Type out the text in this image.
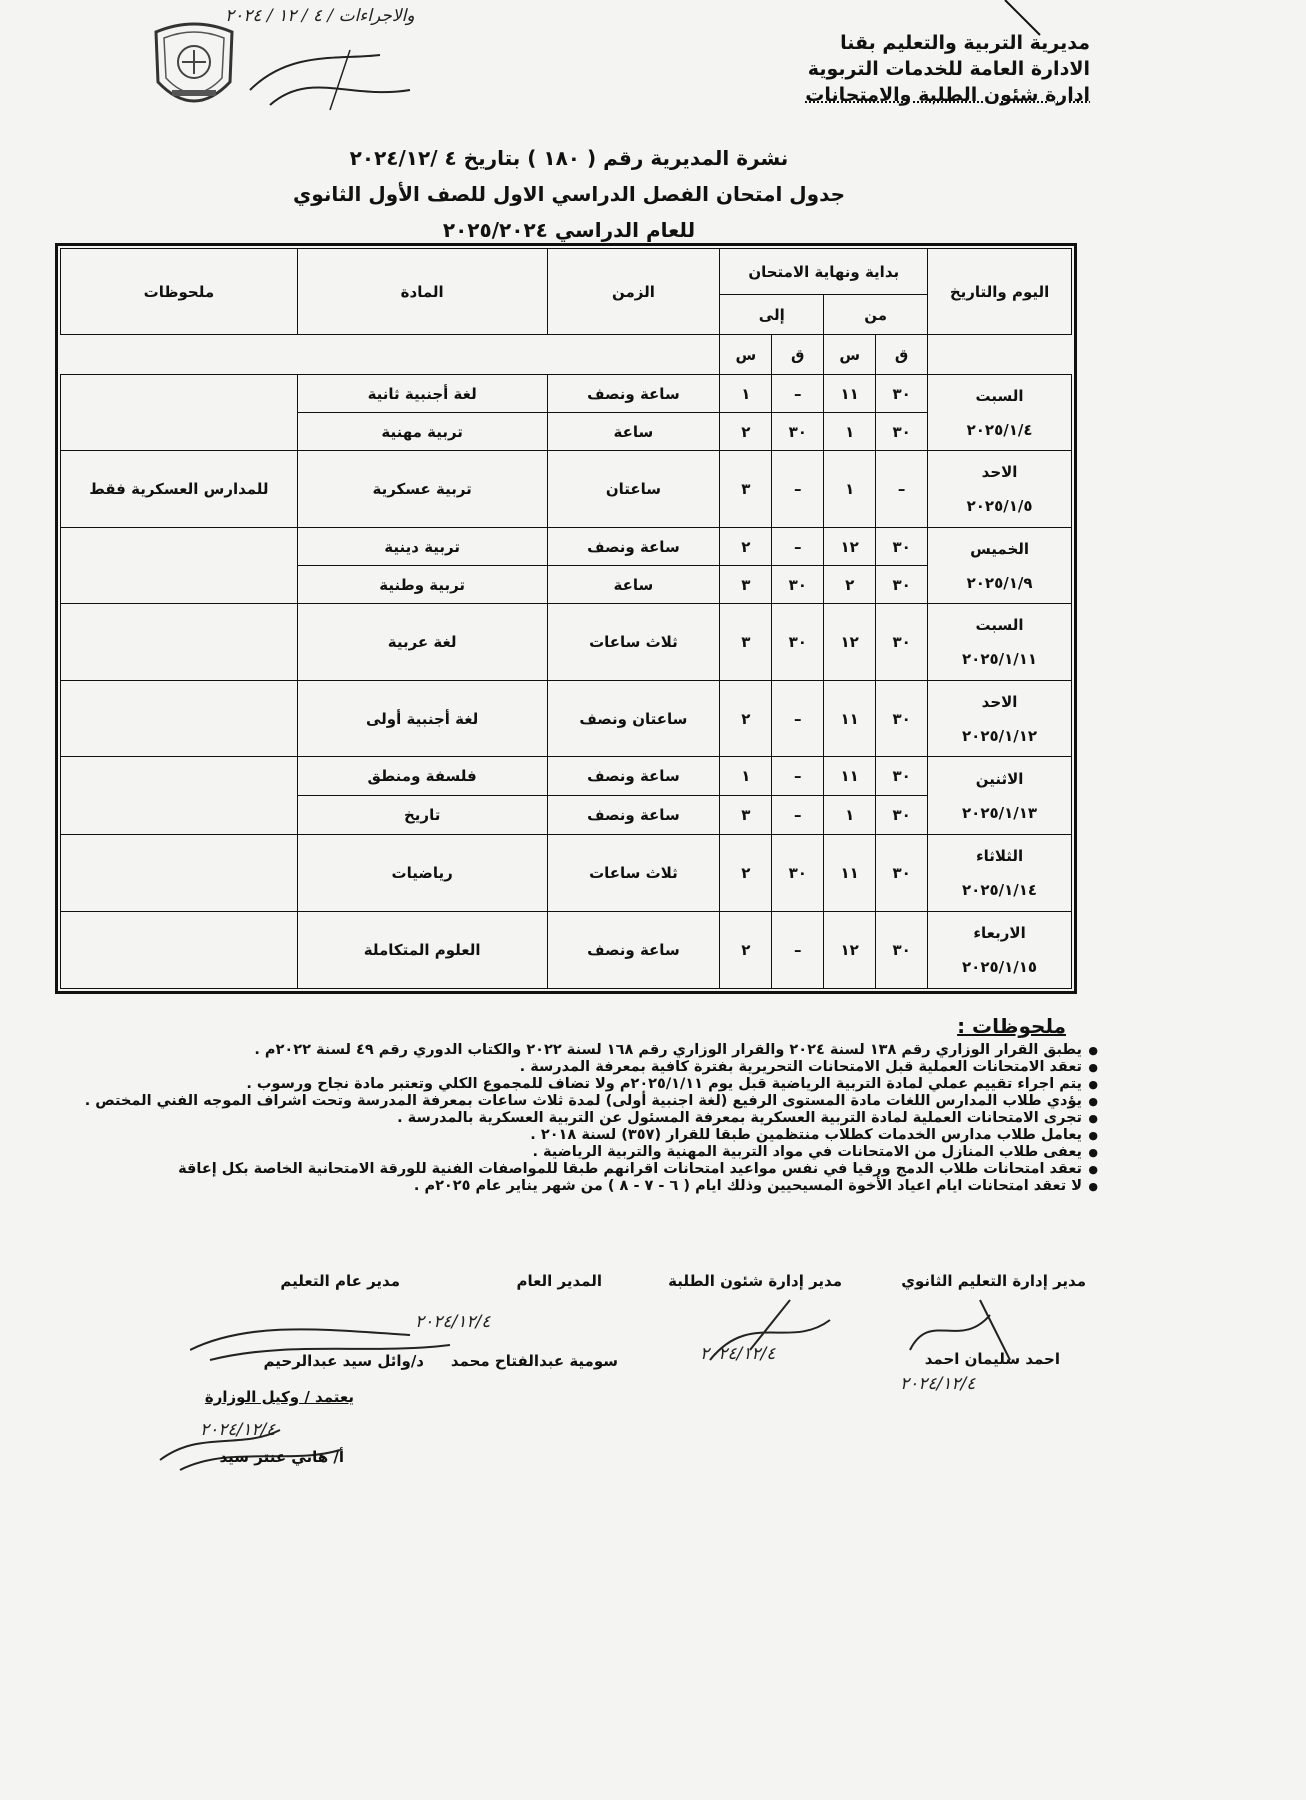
والاجراءات / ٤ / ١٢ / ٢٠٢٤
مديرية التربية والتعليم بقنا
الادارة العامة للخدمات التربوية
ادارة شئون الطلبة والامتحانات
نشرة المديرية رقم ( ١٨٠ ) بتاريخ ٤ /٢٠٢٤/١٢
جدول امتحان الفصل الدراسي الاول للصف الأول الثانوي
للعام الدراسي ٢٠٢٥/٢٠٢٤
اليوم والتاريخ	بداية ونهاية الامتحان				الزمن	المادة	ملحوظات
	من		إلى				
	ق	س	ق	س			

السبت
٢٠٢٥/١/٤	٣٠	١١	–	١	ساعة ونصف	لغة أجنبية ثانية	
	٣٠	١	٣٠	٢	ساعة	تربية مهنية	

الاحد
٢٠٢٥/١/٥	–	١	–	٣	ساعتان	تربية عسكرية	للمدارس العسكرية فقط

الخميس
٢٠٢٥/١/٩	٣٠	١٢	–	٢	ساعة ونصف	تربية دينية	
	٣٠	٢	٣٠	٣	ساعة	تربية وطنية	

السبت
٢٠٢٥/١/١١	٣٠	١٢	٣٠	٣	ثلاث ساعات	لغة عربية	

الاحد
٢٠٢٥/١/١٢	٣٠	١١	–	٢	ساعتان ونصف	لغة أجنبية أولى	

الاثنين
٢٠٢٥/١/١٣	٣٠	١١	–	١	ساعة ونصف	فلسفة ومنطق	
	٣٠	١	–	٣	ساعة ونصف	تاريخ	

الثلاثاء
٢٠٢٥/١/١٤	٣٠	١١	٣٠	٢	ثلاث ساعات	رياضيات	

الاربعاء
٢٠٢٥/١/١٥	٣٠	١٢	–	٢	ساعة ونصف	العلوم المتكاملة	
ملحوظات :
● يطبق القرار الوزاري رقم ١٣٨ لسنة ٢٠٢٤ والقرار الوزاري رقم ١٦٨ لسنة ٢٠٢٢ والكتاب الدوري رقم ٤٩ لسنة ٢٠٢٢م .
● تعقد الامتحانات العملية قبل الامتحانات التحريرية بفترة كافية بمعرفة المدرسة .
● يتم اجراء تقييم عملي لمادة التربية الرياضية قبل يوم ٢٠٢٥/١/١١م ولا تضاف للمجموع الكلي وتعتبر مادة نجاح ورسوب .
● يؤدي طلاب المدارس اللغات مادة المستوى الرفيع (لغة اجنبية أولى) لمدة ثلاث ساعات بمعرفة المدرسة وتحت اشراف الموجه الفني المختص .
● تجرى الامتحانات العملية لمادة التربية العسكرية بمعرفة المسئول عن التربية العسكرية بالمدرسة .
● يعامل طلاب مدارس الخدمات كطلاب منتظمين طبقا للقرار (٣٥٧) لسنة ٢٠١٨ .
● يعفى طلاب المنازل من الامتحانات في مواد التربية المهنية والتربية الرياضية .
● تعقد امتحانات طلاب الدمج ورقيا في نفس مواعيد امتحانات اقرانهم طبقا للمواصفات الفنية للورقة الامتحانية الخاصة بكل إعاقة
● لا تعقد امتحانات ايام اعياد الأخوة المسيحيين وذلك ايام ( ٦ - ٧ - ٨ ) من شهر يناير عام ٢٠٢٥م .
مدير إدارة التعليم الثانوي
مدير إدارة شئون الطلبة
المدير العام
مدير عام التعليم
٢٠٢٤/١٢/٤
٢٠٢٤/١٢/٤
٢٠٢٤/١٢/٤
احمد سليمان احمد
سومية عبدالفتاح محمد
د/وائل سيد عبدالرحيم
يعتمد / وكيل الوزارة
٢٠٢٤/١٢/٤
أ/ هاني عنتر سيد
